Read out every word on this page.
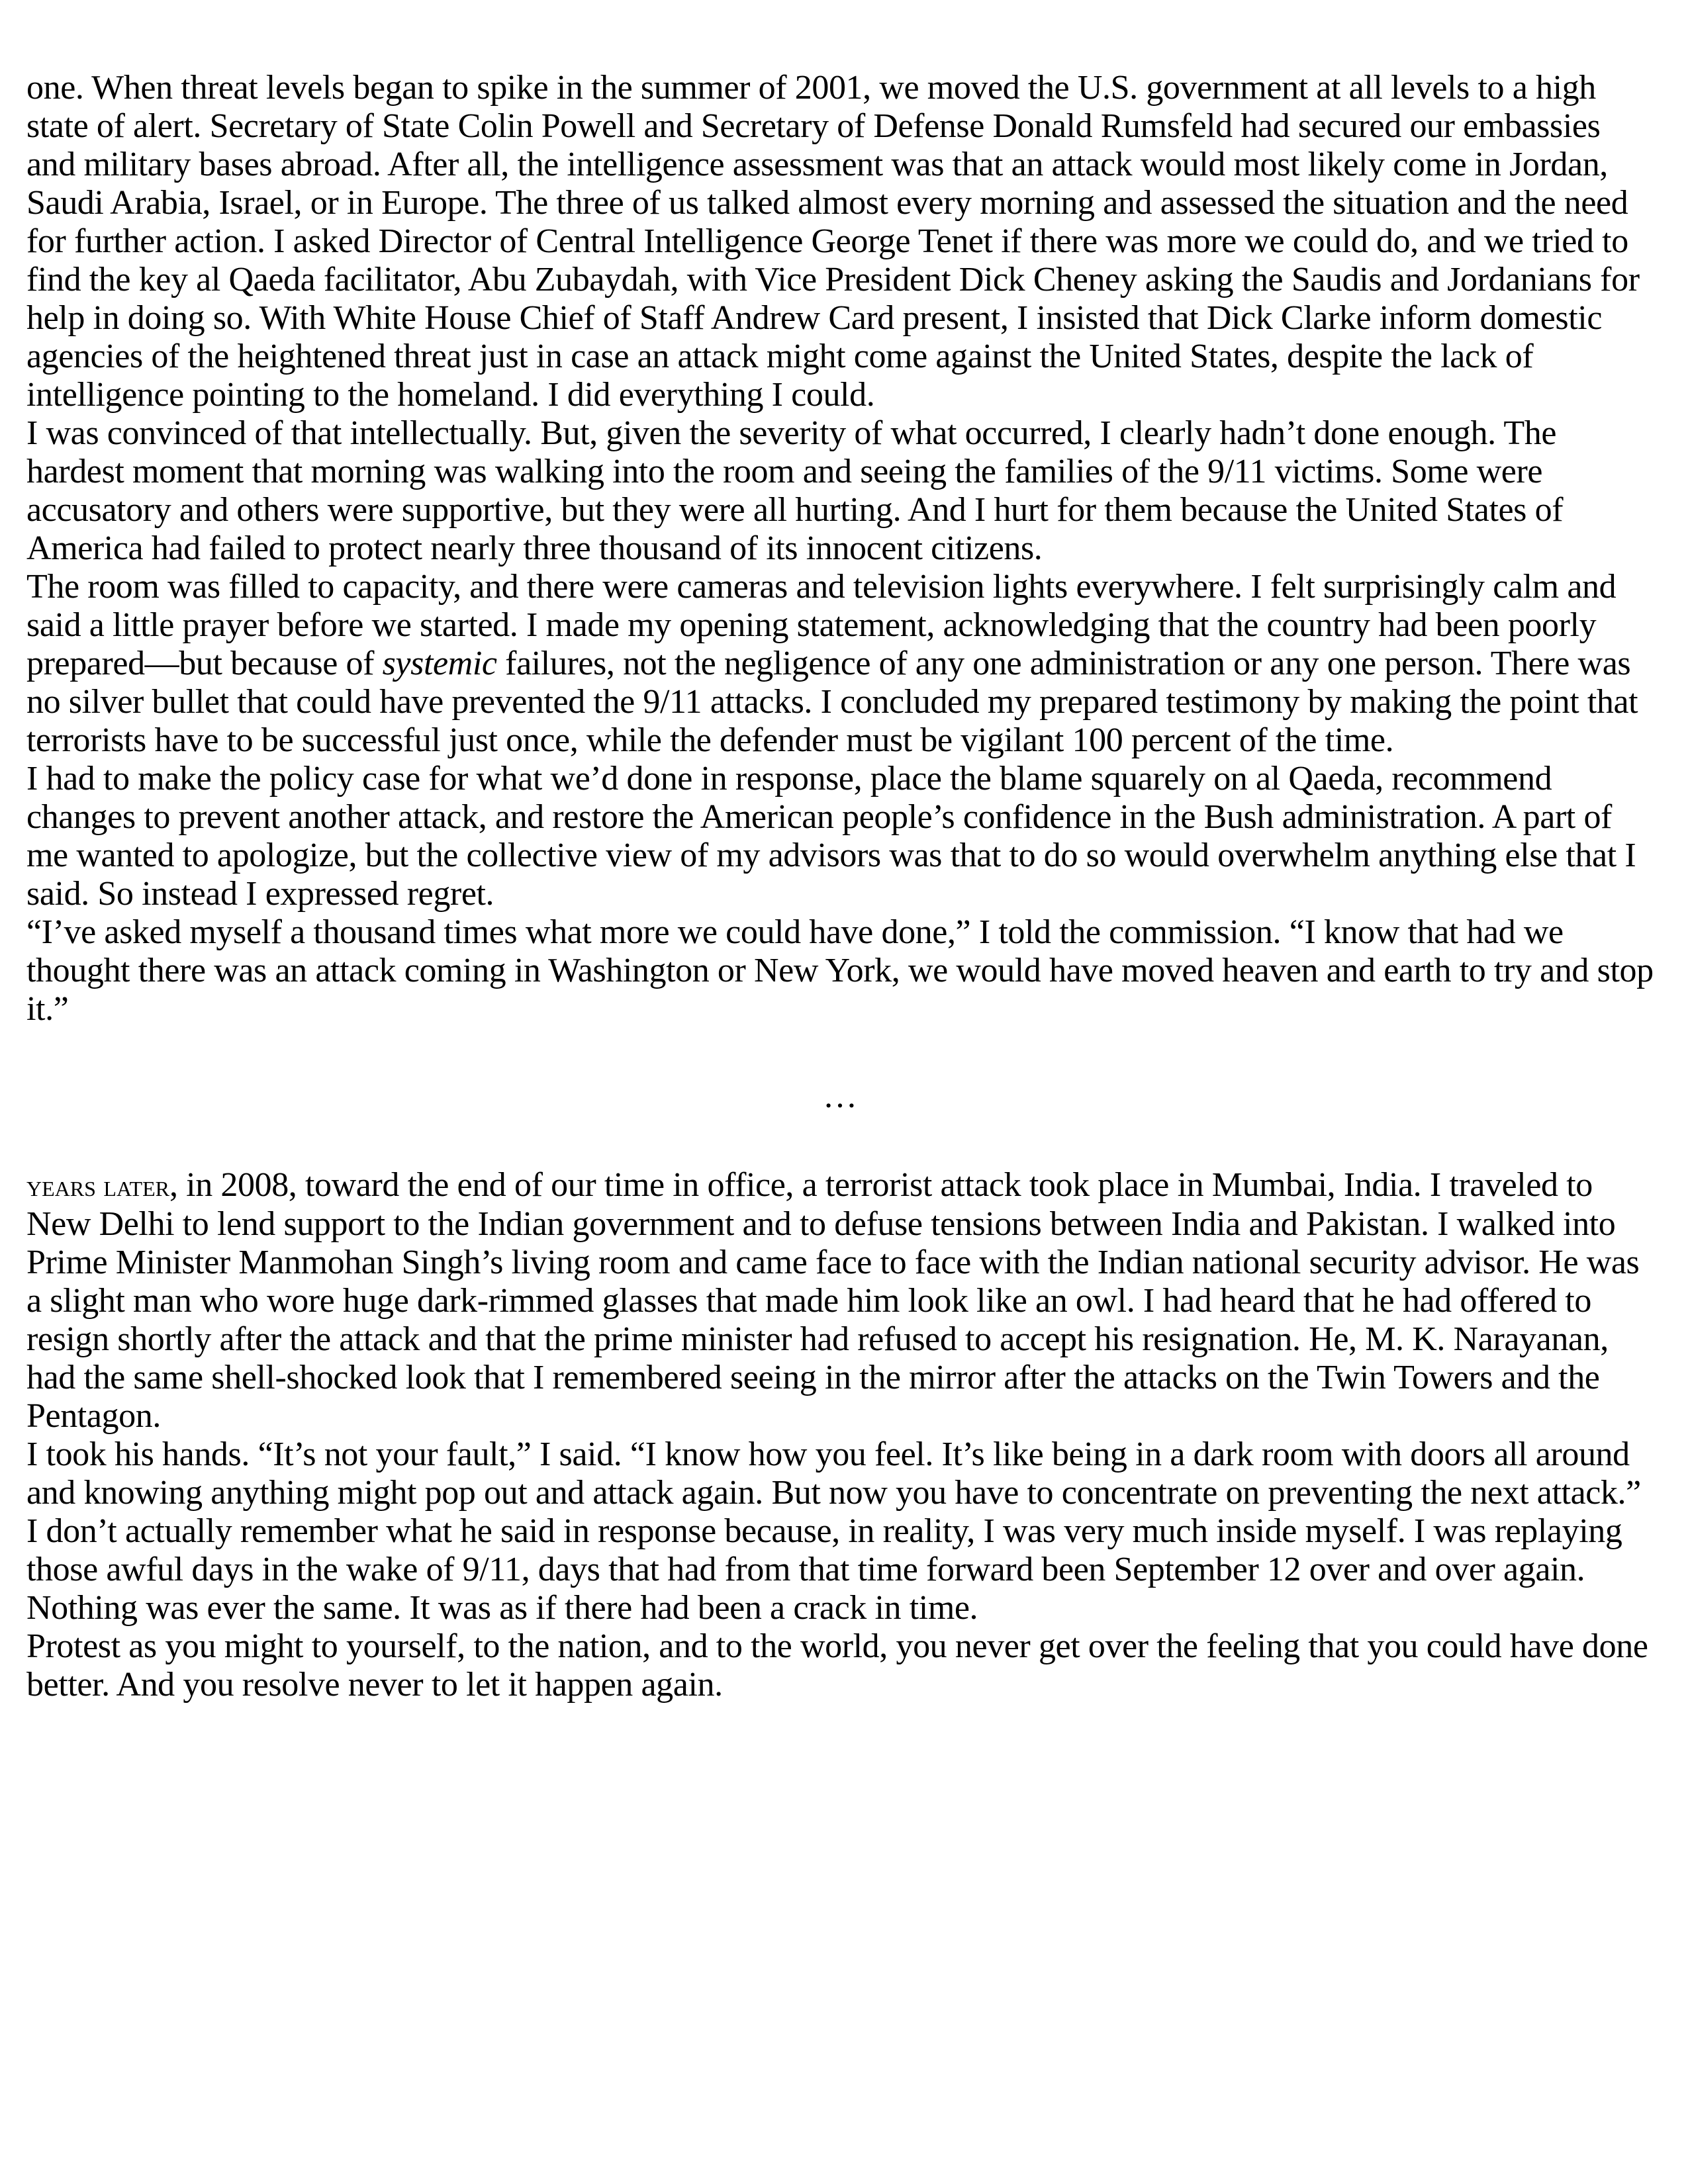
one. When threat levels began to spike in the summer of 2001, we moved the U.S. government at all levels to a high state of alert. Secretary of State Colin Powell and Secretary of Defense Donald Rumsfeld had secured our embassies and military bases abroad. After all, the intelligence assessment was that an attack would most likely come in Jordan, Saudi Arabia, Israel, or in Europe. The three of us talked almost every morning and assessed the situation and the need for further action. I asked Director of Central Intelligence George Tenet if there was more we could do, and we tried to find the key al Qaeda facilitator, Abu Zubaydah, with Vice President Dick Cheney asking the Saudis and Jordanians for help in doing so. With White House Chief of Staff Andrew Card present, I insisted that Dick Clarke inform domestic agencies of the heightened threat just in case an attack might come against the United States, despite the lack of intelligence pointing to the homeland. I did everything I could.

I was convinced of that intellectually. But, given the severity of what occurred, I clearly hadn’t done enough. The hardest moment that morning was walking into the room and seeing the families of the 9/11 victims. Some were accusatory and others were supportive, but they were all hurting. And I hurt for them because the United States of America had failed to protect nearly three thousand of its innocent citizens.

The room was filled to capacity, and there were cameras and television lights everywhere. I felt surprisingly calm and said a little prayer before we started. I made my opening statement, acknowledging that the country had been poorly prepared—but because of systemic failures, not the negligence of any one administration or any one person. There was no silver bullet that could have prevented the 9/11 attacks. I concluded my prepared testimony by making the point that terrorists have to be successful just once, while the defender must be vigilant 100 percent of the time.

I had to make the policy case for what we’d done in response, place the blame squarely on al Qaeda, recommend changes to prevent another attack, and restore the American people’s confidence in the Bush administration. A part of me wanted to apologize, but the collective view of my advisors was that to do so would overwhelm anything else that I said. So instead I expressed regret.

“I’ve asked myself a thousand times what more we could have done,” I told the commission. “I know that had we thought there was an attack coming in Washington or New York, we would have moved heaven and earth to try and stop it.”

…

years later, in 2008, toward the end of our time in office, a terrorist attack took place in Mumbai, India. I traveled to New Delhi to lend support to the Indian government and to defuse tensions between India and Pakistan. I walked into Prime Minister Manmohan Singh’s living room and came face to face with the Indian national security advisor. He was a slight man who wore huge dark-rimmed glasses that made him look like an owl. I had heard that he had offered to resign shortly after the attack and that the prime minister had refused to accept his resignation. He, M. K. Narayanan, had the same shell-shocked look that I remembered seeing in the mirror after the attacks on the Twin Towers and the Pentagon.

I took his hands. “It’s not your fault,” I said. “I know how you feel. It’s like being in a dark room with doors all around and knowing anything might pop out and attack again. But now you have to concentrate on preventing the next attack.”

I don’t actually remember what he said in response because, in reality, I was very much inside myself. I was replaying those awful days in the wake of 9/11, days that had from that time forward been September 12 over and over again. Nothing was ever the same. It was as if there had been a crack in time.

Protest as you might to yourself, to the nation, and to the world, you never get over the feeling that you could have done better. And you resolve never to let it happen again.
